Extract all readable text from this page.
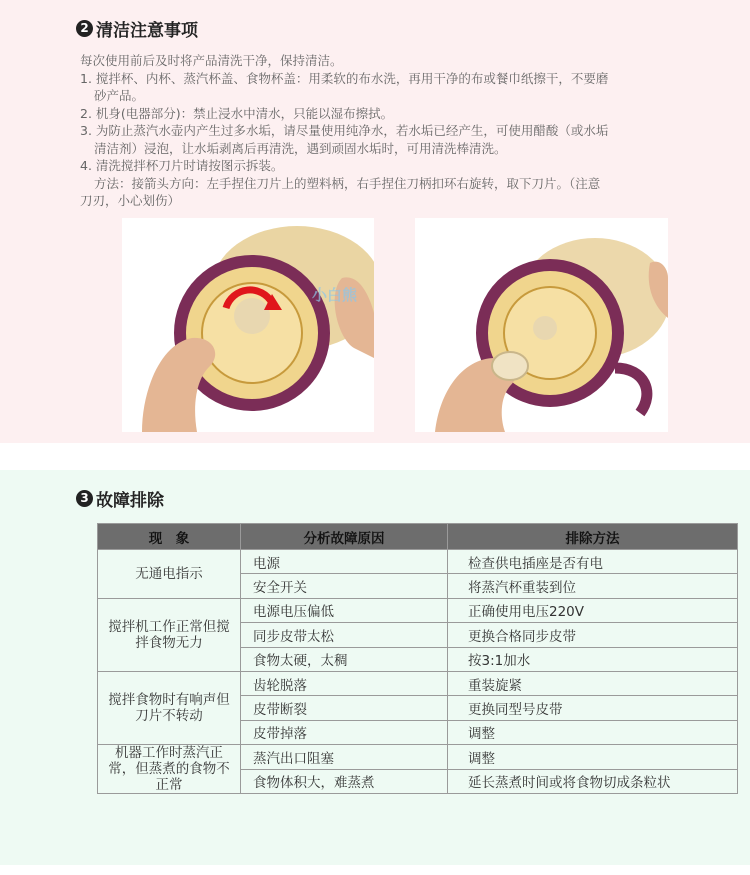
2 清洁注意事项

每次使用前后及时将产品清洗干净，保持清洁。

1. 搅拌杯、内杯、蒸汽杯盖、食物杯盖：用柔软的布水洗，再用干净的布或餐巾纸擦干，不要磨

砂产品。

2. 机身(电器部分)：禁止浸水中清水，只能以湿布擦拭。

3. 为防止蒸汽水壶内产生过多水垢，请尽量使用纯净水，若水垢已经产生，可使用醋酸（或水垢

清洁剂）浸泡，让水垢剥离后再清洗，遇到顽固水垢时，可用清洗棒清洗。

4. 清洗搅拌杯刀片时请按图示拆装。

方法：接箭头方向：左手捏住刀片上的塑料柄，右手捏住刀柄扣环右旋转，取下刀片。（注意

刀刃，小心划伤）

小白熊
3 故障排除
现　象	分析故障原因	排除方法
无通电指示	电源	检查供电插座是否有电
	安全开关	将蒸汽杯重装到位
搅拌机工作正常但搅拌食物无力	电源电压偏低	正确使用电压220V
	同步皮带太松	更换合格同步皮带
	食物太硬，太稠	按3:1加水
搅拌食物时有响声但刀片不转动	齿轮脱落	重装旋紧
	皮带断裂	更换同型号皮带
	皮带掉落	调整
机器工作时蒸汽正常，但蒸煮的食物不正常	蒸汽出口阻塞	调整
	食物体积大，难蒸煮	延长蒸煮时间或将食物切成条粒状
